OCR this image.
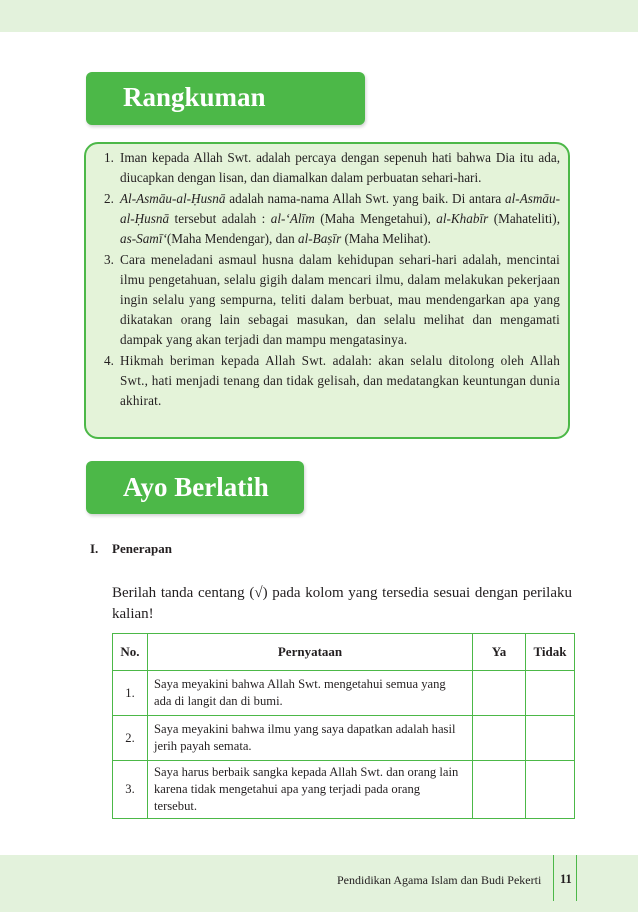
Rangkuman
1. Iman kepada Allah Swt. adalah percaya dengan sepenuh hati bahwa Dia itu ada, diucapkan dengan lisan, dan diamalkan dalam perbuatan sehari-hari.
2. Al-Asmāu-al-Ḥusnā adalah nama-nama Allah Swt. yang baik. Di antara al-Asmāu-al-Ḥusnā tersebut adalah : al-ʻAlīm (Maha Mengetahui), al-Khabīr (Mahateliti), as-Samīʻ(Maha Mendengar), dan al-Baṣīr (Maha Melihat).
3. Cara meneladani asmaul husna dalam kehidupan sehari-hari adalah, mencintai ilmu pengetahuan, selalu gigih dalam mencari ilmu, dalam melakukan pekerjaan ingin selalu yang sempurna, teliti dalam berbuat, mau mendengarkan apa yang dikatakan orang lain sebagai masukan, dan selalu melihat dan mengamati dampak yang akan terjadi dan mampu mengatasinya.
4. Hikmah beriman kepada Allah Swt. adalah: akan selalu ditolong oleh Allah Swt., hati menjadi tenang dan tidak gelisah, dan medatangkan keuntungan dunia akhirat.
Ayo Berlatih
I. Penerapan
Berilah tanda centang (√) pada kolom yang tersedia sesuai dengan perilaku kalian!
No.	Pernyataan	Ya	Tidak
1.	Saya meyakini bahwa Allah Swt. mengetahui semua yang ada di langit dan di bumi.		
2.	Saya meyakini bahwa ilmu yang saya dapatkan adalah hasil jerih payah semata.		
3.	Saya harus berbaik sangka kepada Allah Swt. dan orang lain karena tidak mengetahui apa yang terjadi pada orang tersebut.		
Pendidikan Agama Islam dan Budi Pekerti 11
